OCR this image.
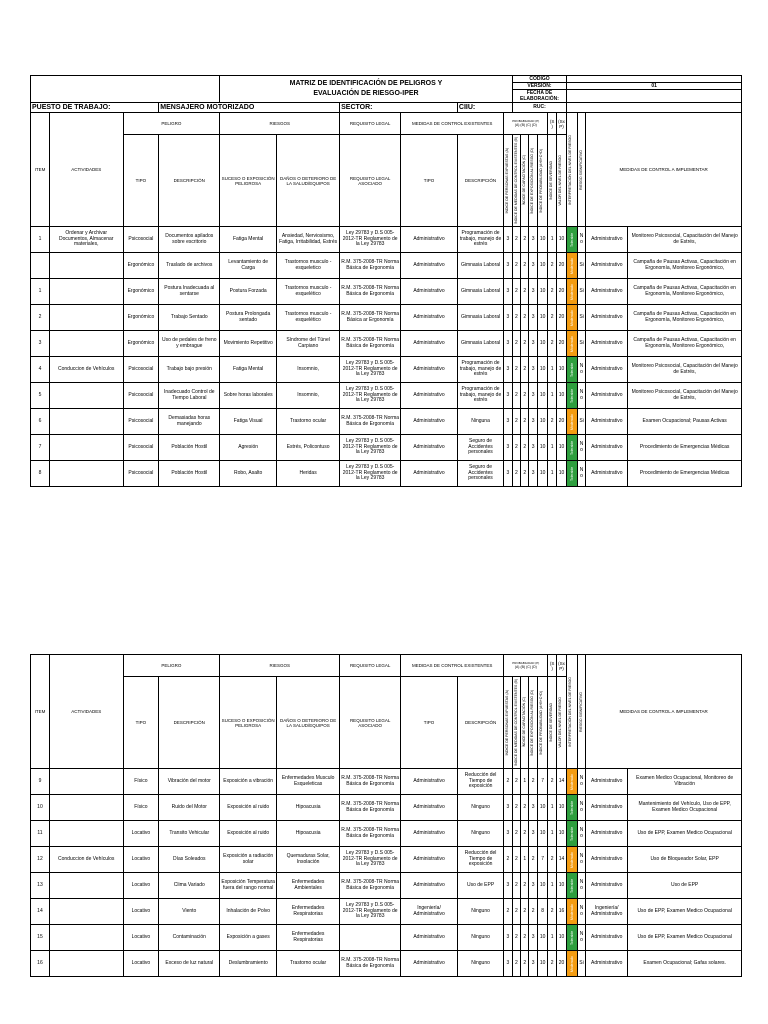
				MATRIZ DE IDENTIFICACIÓN DE PELIGROS Y
EVALUACIÓN DE RIESGO-IPER						CODIGO									
										VERSIÓN:						01			
										FECHA DE ELABORACIÓN:									
PUESTO DE TRABAJO:			MENSAJERO MOTORIZADO			SECTOR:		CIIU:		RUC:									
ITEM	ACTIVIDADES	PELIGRO		RIESGOS		REQUISITO LEGAL	MEDIDAS DE CONTROL EXISTENTES		PROBABILIDAD (P)
(A) (B) (C) (D)					(S)	(SxP)	INTERPRETACIÓN DEL NIVEL DE RIESGO	RIESGO SIGNIFICATIVO	MEDIDAS DE CONTROL A IMPLEMENTAR	
		TIPO	DESCRIPCIÓN	SUCESO O EXPOSICIÓN PELIGROSA	DAÑOS O DETERIORO DE LA SALUD/EQUIPOS	REQUISITO LEGAL ASOCIADO	TIPO	DESCRIPCIÓN	ÍNDICE DE PERSONAS EXPUESTAS (A)	ÍNDICE DE MEDIDAS DE CONTROL EXISTENTES (B)	ÍNDICE DE CAPACITACIÓN (C)	ÍNDICE DE EXPOSICIÓN AL RIESGO (D)	ÍNDICE DE PROBABILIDAD (A+B+C+D)	ÍNDICE DE SEVERIDAD	VALOR DEL NIVEL DE RIESGO				

1	Ordenar y Archivar Documentos, Almacenar materiales,	Psicosocial	Documentos apilados sobre escritorio	Fatiga Mental	Ansiedad, Nerviosismo, Fatiga, Irritabilidad, Estrés	Ley 29783 y D.S 005-2012-TR Reglamento de la Ley 29783	Administrativo	Programación de trabajo, manejo de estrés	3	2	2	3	10	1	10	Tolerable	No	Administrativo	Monitoreo Psicosocial, Capacitación del Manejo de Estrés,
		Ergonómico	Traslado de archivos	Levantamiento de Carga	Trastornos musculo - esqueletico	R.M. 375-2008-TR Norma Básica de Ergonomía	Administrativo	Gimnasia Laboral	3	2	2	3	10	2	20	Moderado	Si	Administrativo	Campaña de Pausas Activas, Capacitación en Ergonomía, Monitoreo Ergonómico,
1		Ergonómico	Postura Inadecuada al sentarse	Postura Forzada	Trastornos musculo - esquelético	R.M. 375-2008-TR Norma Básica de Ergonomía	Administrativo	Gimnasia Laboral	3	2	2	3	10	2	20	Moderado	Si	Administrativo	Campaña de Pausas Activas, Capacitación en Ergonomía, Monitoreo Ergonómico,
2		Ergonómico	Trabajo Sentado	Postura Prolongada sentado	Trastornos musculo - esquelético	R.M. 375-2008-TR Norma Básica ar Ergonomía	Administrativo	Gimnasia Laboral	3	2	2	3	10	2	20	Moderado	Si	Administrativo	Campaña de Pausas Activas, Capacitación en Ergonomía, Monitoreo Ergonómico,
3		Ergonómico	Uso de pedales de freno y embrague	Movimiento Repetitivo	Síndrome del Túnel Carpiano	R.M. 375-2008-TR Norma Básica de Ergonomía	Administrativo	Gimnasia Laboral	3	2	2	3	10	2	20	Moderado	Si	Administrativo	Campaña de Pausas Activas, Capacitación en Ergonomía, Monitoreo Ergonómico,
4	Conduccion de Vehículos	Psicosocial	Trabajo bajo presión	Fatiga Mental	Insomnio,	Ley 29783 y D.S 005-2012-TR Reglamento de la Ley 29783	Administrativo	Programación de trabajo, manejo de estrés	3	2	2	3	10	1	10	Tolerable	No	Administrativo	Monitoreo Psicosocial, Capacitación del Manejo de Estrés,
5		Psicosocial	Inadecuado Control de Tiempo Laboral	Sobre horas laborales	Insomnio,	Ley 29783 y D.S 005-2012-TR Reglamento de la Ley 29783	Administrativo	Programación de trabajo, manejo de estrés	3	2	2	3	10	1	10	Tolerable	No	Administrativo	Monitoreo Psicosocial, Capacitación del Manejo de Estrés,
6		Psicosocial	Demasiadas horas manejando	Fatiga Visual	Trastorno ocular	R.M. 375-2008-TR Norma Básica de Ergonomía	Administrativo	Ninguna	3	2	2	3	10	2	20	Moderado	Si	Administrativo	Examen Ocupacional; Pausas Activas
7		Psicosocial	Población Hostil	Agresión	Estrés, Policontuso	Ley 29783 y D.S 005-2012-TR Reglamento de la Ley 29783	Administrativo	Seguro de Accidentes personales	3	2	2	3	10	1	10	Tolerable	No	Administrativo	Procedimiento de Emergencias Médicas
8		Psicosocial	Población Hostil	Robo, Asalto	Heridas	Ley 29783 y D.S 005-2012-TR Reglamento de la Ley 29783	Administrativo	Seguro de Accidentes personales	3	2	2	3	10	1	10	Tolerable	No	Administrativo	Procedimiento de Emergencias Médicas
ITEM	ACTIVIDADES	PELIGRO		RIESGOS		REQUISITO LEGAL	MEDIDAS DE CONTROL EXISTENTES		PROBABILIDAD (P)
(A) (B) (C) (D)					(S)	(SxP)	INTERPRETACIÓN DEL NIVEL DE RIESGO	RIESGO SIGNIFICATIVO	MEDIDAS DE CONTROL A IMPLEMENTAR	
		TIPO	DESCRIPCIÓN	SUCESO O EXPOSICIÓN PELIGROSA	DAÑOS O DETERIORO DE LA SALUD/EQUIPOS	REQUISITO LEGAL ASOCIADO	TIPO	DESCRIPCIÓN	ÍNDICE DE PERSONAS EXPUESTAS (A)	ÍNDICE DE MEDIDAS DE CONTROL EXISTENTES (B)	ÍNDICE DE CAPACITACIÓN (C)	ÍNDICE DE EXPOSICIÓN AL RIESGO (D)	ÍNDICE DE PROBABILIDAD (A+B+C+D)	ÍNDICE DE SEVERIDAD	VALOR DEL NIVEL DE RIESGO				

9		Físico	Vibración del motor	Exposición a vibración	Enfermedades Musculo Esqueleticas	R.M. 375-2008-TR Norma Básica de Ergonomía	Administrativo	Reducción del Tiempo de exposición	2	2	1	2	7	2	14	Moderado	No	Administrativo	Examen Medico Ocupacional, Monitoreo de Vibración
10		Físico	Ruido del Motor	Exposición al ruido	Hipoacusia	R.M. 375-2008-TR Norma Básica de Ergonomía	Administrativo	Ninguno	3	2	2	3	10	1	10	Tolerable	No	Administrativo	Mantenimiento del Vehículo, Uso de EPP, Examen Medico Ocupacional
11		Locativo	Transito Vehicular	Exposición al ruido	Hipoacusia	R.M. 375-2008-TR Norma Básica de Ergonomía	Administrativo	Ninguno	3	2	2	3	10	1	10	Tolerable	No	Administrativo	Uso de EPP, Examen Medico Ocupacional
12	Conduccion de Vehículos	Locativo	Días Soleados	Exposición a radiación solar	Quemaduras Solar, Insolación	Ley 29783 y D.S 005-2012-TR Reglamento de la Ley 29783	Administrativo	Reducción del Tiempo de exposición	2	2	1	2	7	2	14	Moderado	No	Administrativo	Uso de Bloqueador Solar, EPP
13		Locativo	Clima Variado	Exposición Temperatura fuera del rango normal	Enfermedades Ambientales	R.M. 375-2008-TR Norma Básica de Ergonomía	Administrativo	Uso de EPP	3	2	2	3	10	1	10	Tolerable	No	Administrativo	Uso de EPP
14		Locativo	Viento	Inhalación de Polvo	Enfermedades Respiratorias	Ley 29783 y D.S 005-2012-TR Reglamento de la Ley 29783	Ingeniería/ Administrativo	Ninguno	2	2	2	2	8	2	16	Moderado	No	Ingeniería/ Administrativo	Uso de EPP, Examen Medico Ocupacional
15		Locativo	Contaminación	Exposición a gases	Enfermedades Respiratorias		Administrativo	Ninguno	3	2	2	3	10	1	10	Tolerable	No	Administrativo	Uso de EPP, Examen Medico Ocupacional
16		Locativo	Exceso de luz natural	Deslumbramiento	Trastorno ocular	R.M. 375-2008-TR Norma Básica de Ergonomía	Administrativo	Ninguno	3	2	2	3	10	2	20	Moderado	Si	Administrativo	Examen Ocupacional; Gafas solares.
